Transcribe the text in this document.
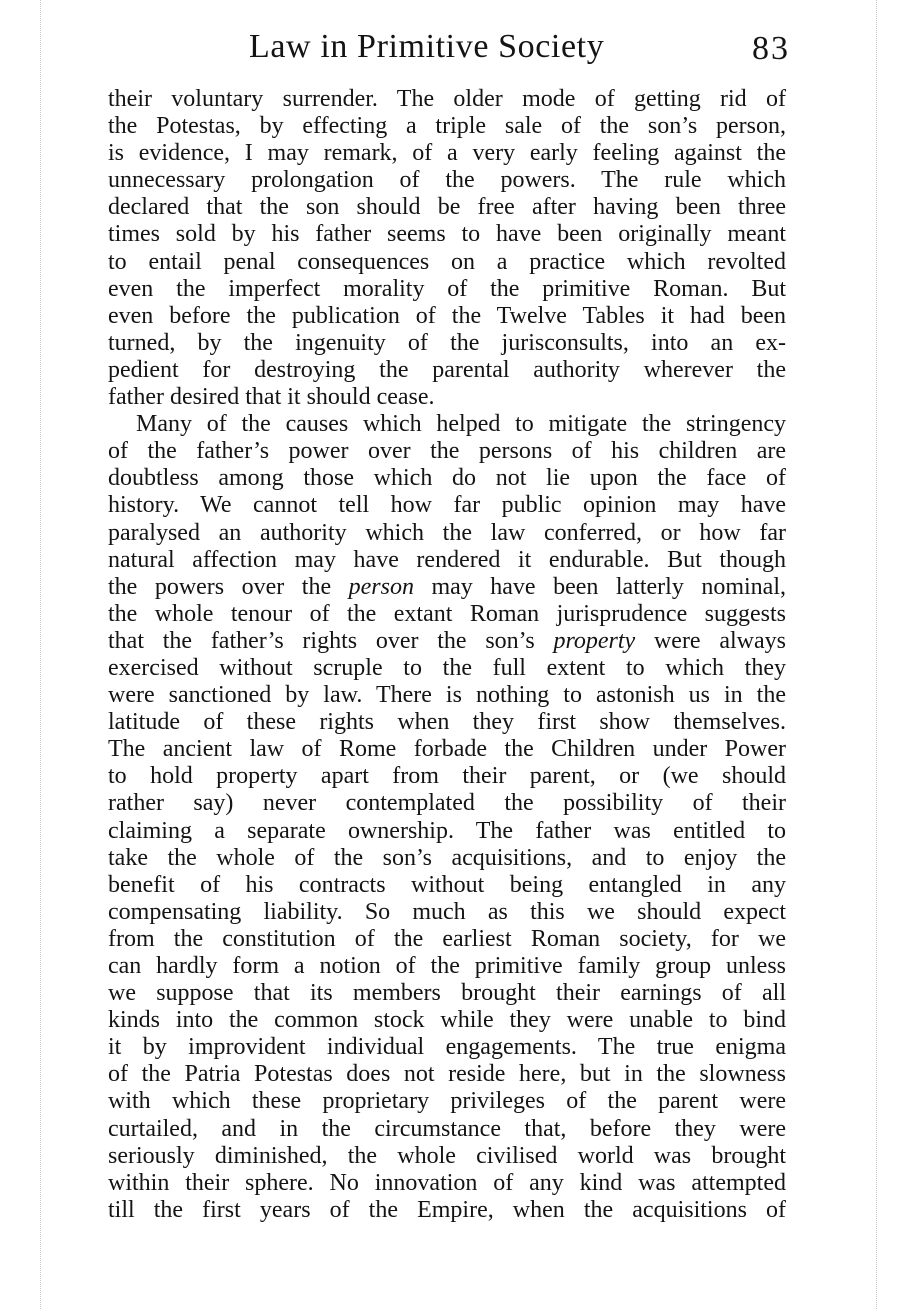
Law in Primitive Society	83
their voluntary surrender. The older mode of getting rid of
the Potestas, by effecting a triple sale of the son’s person,
is evidence, I may remark, of a very early feeling against the
unnecessary prolongation of the powers. The rule which
declared that the son should be free after having been three
times sold by his father seems to have been originally meant
to entail penal consequences on a practice which revolted
even the imperfect morality of the primitive Roman. But
even before the publication of the Twelve Tables it had been
turned, by the ingenuity of the jurisconsults, into an ex-
pedient for destroying the parental authority wherever the
father desired that it should cease.
Many of the causes which helped to mitigate the stringency
of the father’s power over the persons of his children are
doubtless among those which do not lie upon the face of
history. We cannot tell how far public opinion may have
paralysed an authority which the law conferred, or how far
natural affection may have rendered it endurable. But though
the powers over the person may have been latterly nominal,
the whole tenour of the extant Roman jurisprudence suggests
that the father’s rights over the son’s property were always
exercised without scruple to the full extent to which they
were sanctioned by law. There is nothing to astonish us in the
latitude of these rights when they first show themselves.
The ancient law of Rome forbade the Children under Power
to hold property apart from their parent, or (we should
rather say) never contemplated the possibility of their
claiming a separate ownership. The father was entitled to
take the whole of the son’s acquisitions, and to enjoy the
benefit of his contracts without being entangled in any
compensating liability. So much as this we should expect
from the constitution of the earliest Roman society, for we
can hardly form a notion of the primitive family group unless
we suppose that its members brought their earnings of all
kinds into the common stock while they were unable to bind
it by improvident individual engagements. The true enigma
of the Patria Potestas does not reside here, but in the slowness
with which these proprietary privileges of the parent were
curtailed, and in the circumstance that, before they were
seriously diminished, the whole civilised world was brought
within their sphere. No innovation of any kind was attempted
till the first years of the Empire, when the acquisitions of
